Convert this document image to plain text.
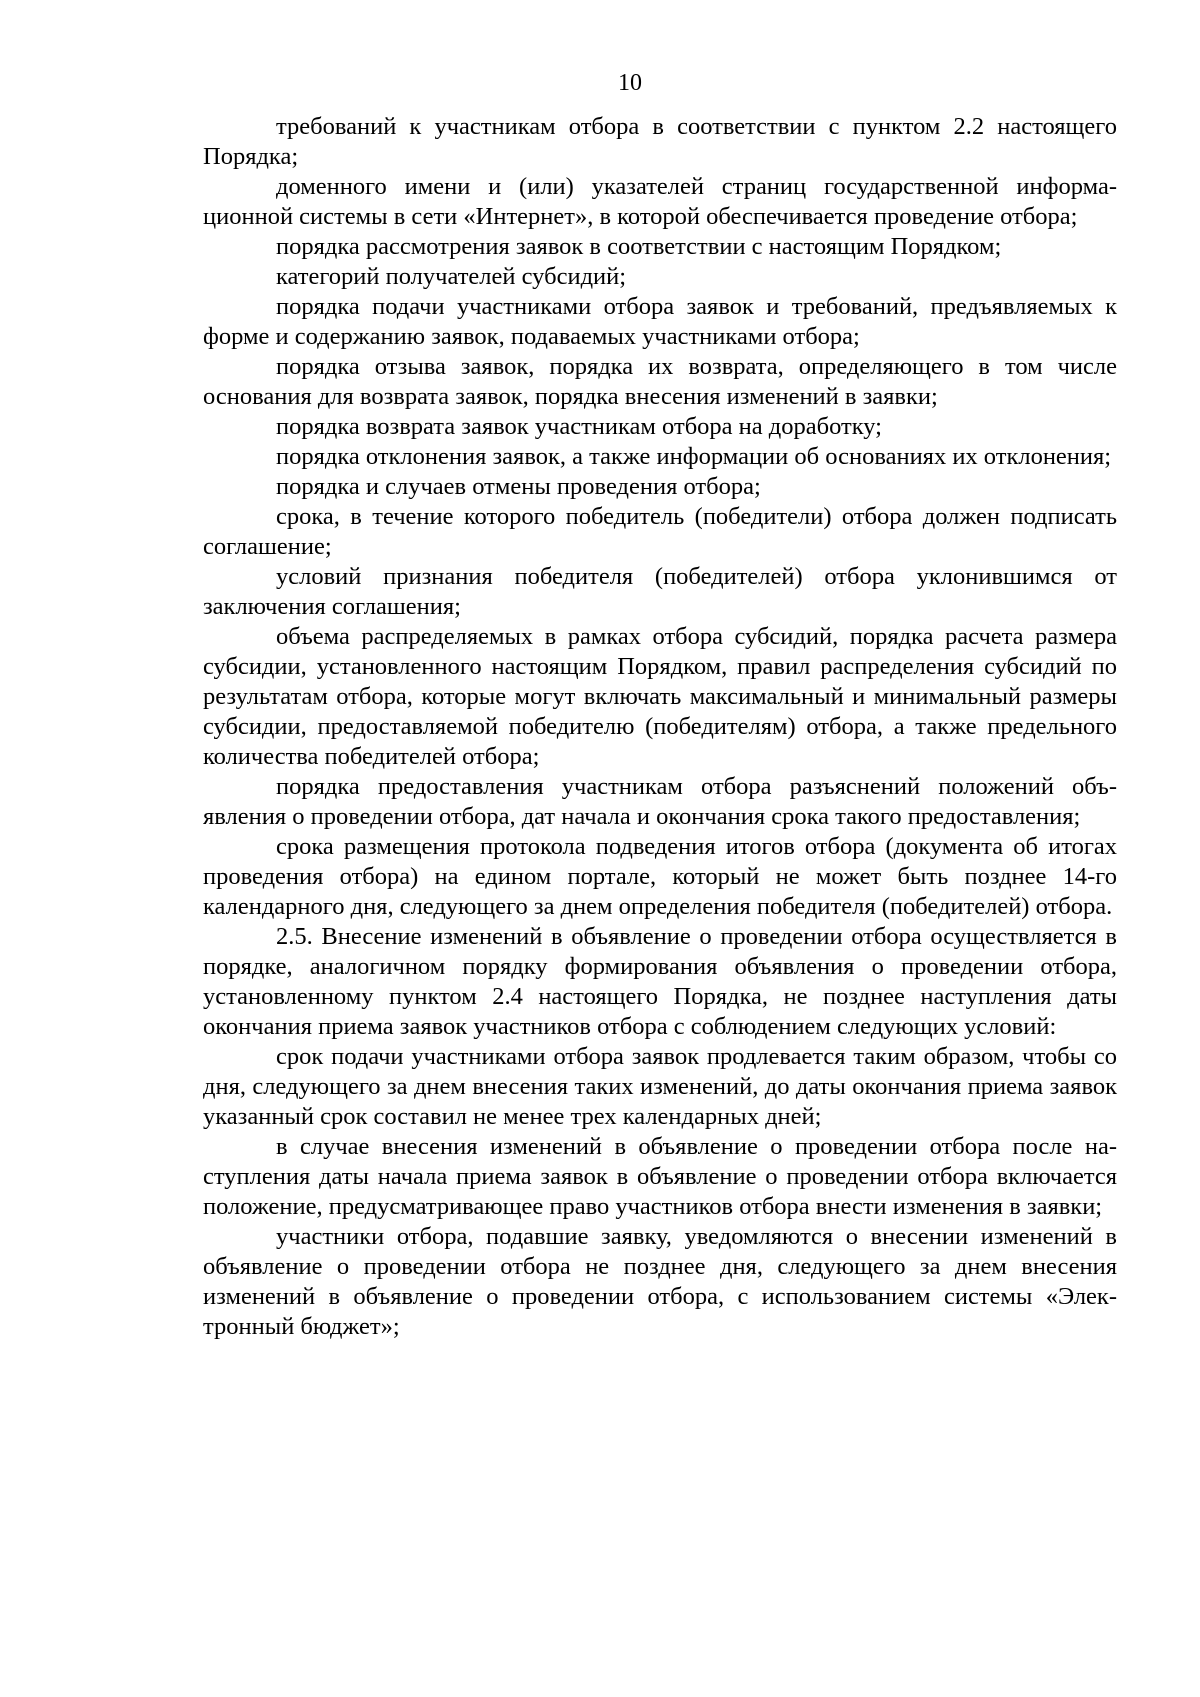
10

требований к участникам отбора в соответствии с пунктом 2.2 настоящего Порядка;

доменного имени и (или) указателей страниц государственной информационной системы в сети «Интернет», в которой обеспечивается проведение отбора;

порядка рассмотрения заявок в соответствии с настоящим Порядком;

категорий получателей субсидий;

порядка подачи участниками отбора заявок и требований, предъявляемых к форме и содержанию заявок, подаваемых участниками отбора;

порядка отзыва заявок, порядка их возврата, определяющего в том числе основания для возврата заявок, порядка внесения изменений в заявки;

порядка возврата заявок участникам отбора на доработку;

порядка отклонения заявок, а также информации об основаниях их отклонения;

порядка и случаев отмены проведения отбора;

срока, в течение которого победитель (победители) отбора должен подписать соглашение;

условий признания победителя (победителей) отбора уклонившимся от заключения соглашения;

объема распределяемых в рамках отбора субсидий, порядка расчета размера субсидии, установленного настоящим Порядком, правил распределения субсидий по результатам отбора, которые могут включать максимальный и минимальный размеры субсидии, предоставляемой победителю (победителям) отбора, а также предельного количества победителей отбора;

порядка предоставления участникам отбора разъяснений положений объявления о проведении отбора, дат начала и окончания срока такого предоставления;

срока размещения протокола подведения итогов отбора (документа об итогах проведения отбора) на едином портале, который не может быть позднее 14-го календарного дня, следующего за днем определения победителя (победителей) отбора.

2.5. Внесение изменений в объявление о проведении отбора осуществляется в порядке, аналогичном порядку формирования объявления о проведении отбора, установленному пунктом 2.4 настоящего Порядка, не позднее наступления даты окончания приема заявок участников отбора с соблюдением следующих условий:

срок подачи участниками отбора заявок продлевается таким образом, чтобы со дня, следующего за днем внесения таких изменений, до даты окончания приема заявок указанный срок составил не менее трех календарных дней;

в случае внесения изменений в объявление о проведении отбора после наступления даты начала приема заявок в объявление о проведении отбора включается положение, предусматривающее право участников отбора внести изменения в заявки;

участники отбора, подавшие заявку, уведомляются о внесении изменений в объявление о проведении отбора не позднее дня, следующего за днем внесения изменений в объявление о проведении отбора, с использованием системы «Электронный бюджет»;
